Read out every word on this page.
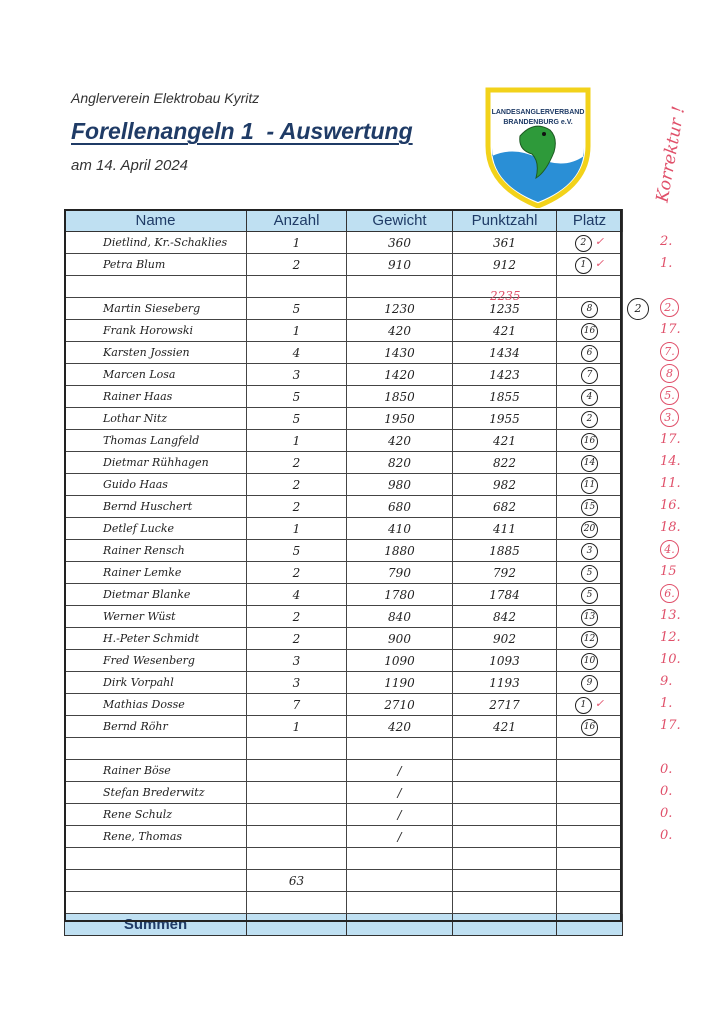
Anglerverein Elektrobau Kyritz
Forellenangeln 1  - Auswertung
am 14. April 2024
LANDESANGLERVERBAND
BRANDENBURG e.V.	Korrektur !
Name	Anzahl	Gewicht	Punktzahl	Platz
Dietlind, Kr.-Schaklies	1	360	361	2 ✓
Petra Blum	2	910	912	1 ✓

Martin Sieseberg	5	1230	1235	8
Frank Horowski	1	420	421	16
Karsten Jossien	4	1430	1434	6
Marcen Losa	3	1420	1423	7
Rainer Haas	5	1850	1855	4
Lothar Nitz	5	1950	1955	2
Thomas Langfeld	1	420	421	16
Dietmar Rühhagen	2	820	822	14
Guido Haas	2	980	982	11
Bernd Huschert	2	680	682	15
Detlef Lucke	1	410	411	20
Rainer Rensch	5	1880	1885	3
Rainer Lemke	2	790	792	5
Dietmar Blanke	4	1780	1784	5
Werner Wüst	2	840	842	13
H.-Peter Schmidt	2	900	902	12
Fred Wesenberg	3	1090	1093	10
Dirk Vorpahl	3	1190	1193	9
Mathias Dosse	7	2710	2717	1 ✓
Bernd Röhr	1	420	421	16

Rainer Böse		/		
Stefan Brederwitz		/		
Rene Schulz		/		
Rene, Thomas		/		

	63			

Summen				
2.
1.
2.
17.
7.
8
5.
3.
17.
14.
11.
16.
18.
4.
15
6.
13.
12.
10.
9.
1.
17.
0.
0.
0.
0.
2
2235
